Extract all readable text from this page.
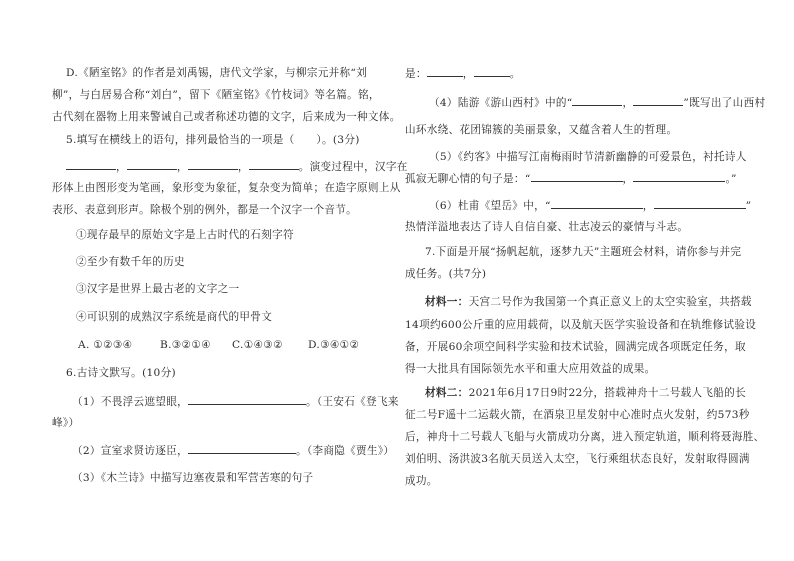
D.《陋室铭》的作者是刘禹锡，唐代文学家，与柳宗元并称“刘
柳”，与白居易合称“刘白”，留下《陋室铭》《竹枝词》等名篇。铭，
古代刻在器物上用来警诫自己或者称述功德的文字，后来成为一种文体。
5.填写在横线上的语句，排列最恰当的一项是（　　）。(3分)
，	，	，	。演变过程中，汉字在
形体上由图形变为笔画，象形变为象征，复杂变为简单；在造字原则上从
表形、表意到形声。除极个别的例外，都是一个汉字一个音节。
①现存最早的原始文字是上古时代的石刻字符
②至少有数千年的历史
③汉字是世界上最古老的文字之一
④可识别的成熟汉字系统是商代的甲骨文
A. ①②③④	B.③②①④ C.①④③② D.③④①②
6.古诗文默写。(10分)
（1）不畏浮云遮望眼，	。（王安石《登飞来
峰》）
（2）宣室求贤访逐臣，	。（李商隐《贾生》）
（3）《木兰诗》中描写边塞夜景和军营苦寒的句子
是：	，	。
（4）陆游《游山西村》中的“	，	”既写出了山西村
山环水绕、花团锦簇的美丽景象，又蕴含着人生的哲理。
（5）《约客》中描写江南梅雨时节清新幽静的可爱景色，衬托诗人
孤寂无聊心情的句子是：“	，	。”
（6）杜甫《望岳》中，“	，	”
热情洋溢地表达了诗人自信自豪、壮志凌云的豪情与斗志。
7.下面是开展“扬帆起航，逐梦九天”主题班会材料，请你参与并完
成任务。(共7分)
材料一：天宫二号作为我国第一个真正意义上的太空实验室，共搭载
14项约600公斤重的应用载荷，以及航天医学实验设备和在轨维修试验设
备，开展60余项空间科学实验和技术试验，圆满完成各项既定任务，取
得一大批具有国际领先水平和重大应用效益的成果。
材料二：2021年6月17日9时22分，搭载神舟十二号载人飞船的长
征二号F遥十二运载火箭，在酒泉卫星发射中心准时点火发射，约573秒
后，神舟十二号载人飞船与火箭成功分离，进入预定轨道，顺利将聂海胜、
刘伯明、汤洪波3名航天员送入太空，飞行乘组状态良好，发射取得圆满
成功。
